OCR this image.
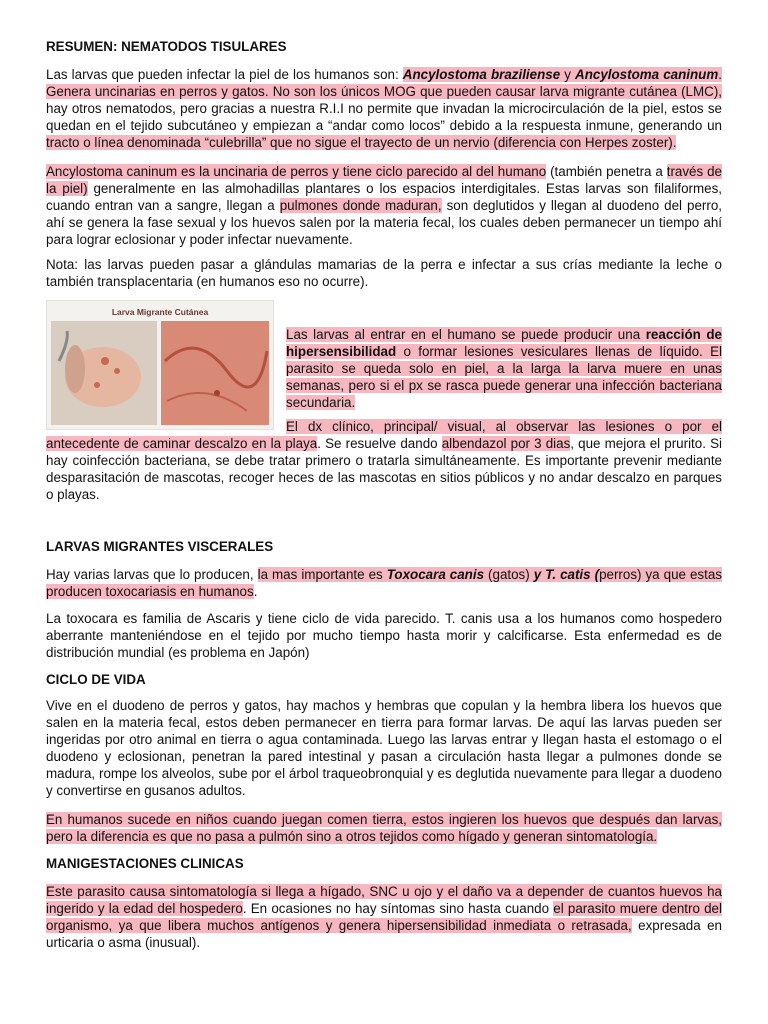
RESUMEN: NEMATODOS TISULARES

Las larvas que pueden infectar la piel de los humanos son: Ancylostoma braziliense y Ancylostoma caninum. Genera uncinarias en perros y gatos. No son los únicos MOG que pueden causar larva migrante cutánea (LMC), hay otros nematodos, pero gracias a nuestra R.I.I no permite que invadan la microcirculación de la piel, estos se quedan en el tejido subcutáneo y empiezan a “andar como locos” debido a la respuesta inmune, generando un tracto o línea denominada “culebrilla” que no sigue el trayecto de un nervio (diferencia con Herpes zoster).

Ancylostoma caninum es la uncinaria de perros y tiene ciclo parecido al del humano (también penetra a través de la piel) generalmente en las almohadillas plantares o los espacios interdigitales. Estas larvas son filaliformes, cuando entran van a sangre, llegan a pulmones donde maduran, son deglutidos y llegan al duodeno del perro, ahí se genera la fase sexual y los huevos salen por la materia fecal, los cuales deben permanecer un tiempo ahí para lograr eclosionar y poder infectar nuevamente.

Nota: las larvas pueden pasar a glándulas mamarias de la perra e infectar a sus crías mediante la leche o también transplacentaria (en humanos eso no ocurre).

Larva Migrante Cutánea

Las larvas al entrar en el humano se puede producir una reacción de hipersensibilidad o formar lesiones vesiculares llenas de líquido. El parasito se queda solo en piel, a la larga la larva muere en unas semanas, pero si el px se rasca puede generar una infección bacteriana secundaria.

El dx clínico, principal/ visual, al observar las lesiones o por el antecedente de caminar descalzo en la playa. Se resuelve dando albendazol por 3 dias, que mejora el prurito. Si hay coinfección bacteriana, se debe tratar primero o tratarla simultáneamente. Es importante prevenir mediante desparasitación de mascotas, recoger heces de las mascotas en sitios públicos y no andar descalzo en parques o playas.

LARVAS MIGRANTES VISCERALES

Hay varias larvas que lo producen, la mas importante es Toxocara canis (gatos) y T. catis (perros) ya que estas producen toxocariasis en humanos.

La toxocara es familia de Ascaris y tiene ciclo de vida parecido. T. canis usa a los humanos como hospedero aberrante manteniéndose en el tejido por mucho tiempo hasta morir y calcificarse. Esta enfermedad es de distribución mundial (es problema en Japón)

CICLO DE VIDA

Vive en el duodeno de perros y gatos, hay machos y hembras que copulan y la hembra libera los huevos que salen en la materia fecal, estos deben permanecer en tierra para formar larvas. De aquí las larvas pueden ser ingeridas por otro animal en tierra o agua contaminada. Luego las larvas entrar y llegan hasta el estomago o el duodeno y eclosionan, penetran la pared intestinal y pasan a circulación hasta llegar a pulmones donde se madura, rompe los alveolos, sube por el árbol traqueobronquial y es deglutida nuevamente para llegar a duodeno y convertirse en gusanos adultos.

En humanos sucede en niños cuando juegan comen tierra, estos ingieren los huevos que después dan larvas, pero la diferencia es que no pasa a pulmón sino a otros tejidos como hígado y generan sintomatología.

MANIGESTACIONES CLINICAS

Este parasito causa sintomatología si llega a hígado, SNC u ojo y el daño va a depender de cuantos huevos ha ingerido y la edad del hospedero. En ocasiones no hay síntomas sino hasta cuando el parasito muere dentro del organismo, ya que libera muchos antígenos y genera hipersensibilidad inmediata o retrasada, expresada en urticaria o asma (inusual).
